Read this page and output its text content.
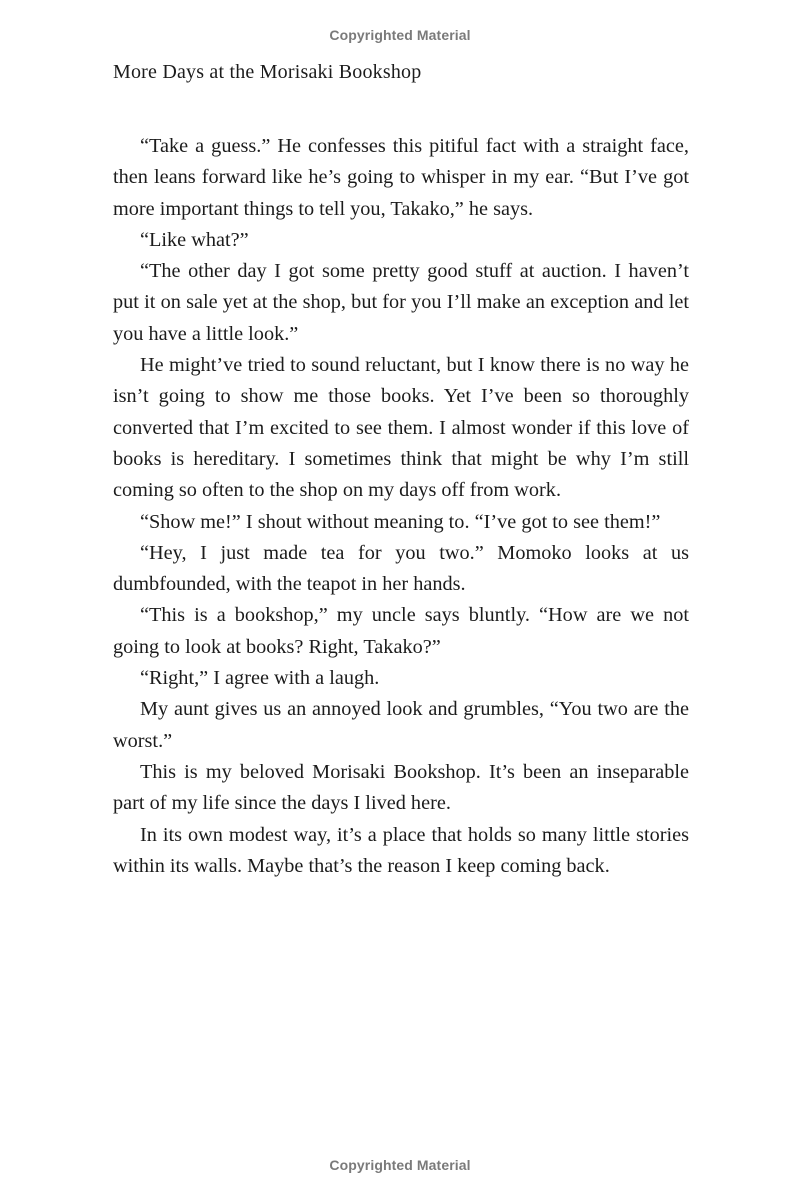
Copyrighted Material
More Days at the Morisaki Bookshop

“Take a guess.” He confesses this pitiful fact with a straight face, then leans forward like he’s going to whisper in my ear. “But I’ve got more important things to tell you, Takako,” he says.

“Like what?”

“The other day I got some pretty good stuff at auction. I haven’t put it on sale yet at the shop, but for you I’ll make an exception and let you have a little look.”

He might’ve tried to sound reluctant, but I know there is no way he isn’t going to show me those books. Yet I’ve been so thoroughly converted that I’m excited to see them. I almost wonder if this love of books is hereditary. I sometimes think that might be why I’m still coming so often to the shop on my days off from work.

“Show me!” I shout without meaning to. “I’ve got to see them!”

“Hey, I just made tea for you two.” Momoko looks at us dumbfounded, with the teapot in her hands.

“This is a bookshop,” my uncle says bluntly. “How are we not going to look at books? Right, Takako?”

“Right,” I agree with a laugh.

My aunt gives us an annoyed look and grumbles, “You two are the worst.”

This is my beloved Morisaki Bookshop. It’s been an inseparable part of my life since the days I lived here.

In its own modest way, it’s a place that holds so many little stories within its walls. Maybe that’s the reason I keep coming back.

Copyrighted Material
